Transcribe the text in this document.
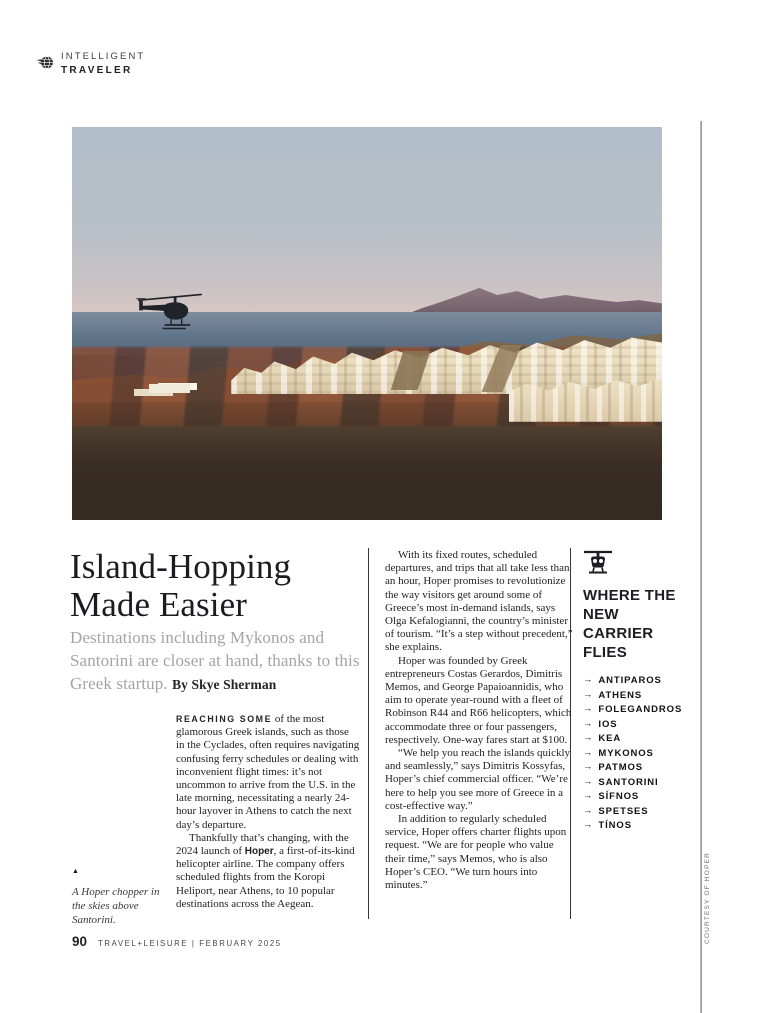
INTELLIGENT
TRAVELER
Island-Hopping
Made Easier

Destinations including Mykonos and Santorini are closer at hand, thanks to this Greek startup. By Skye Sherman

REACHING SOME of the most glamorous Greek islands, such as those in the Cyclades, often requires navigating confusing ferry schedules or dealing with inconvenient flight times: it’s not uncommon to arrive from the U.S. in the late morning, necessitating a nearly 24-hour layover in Athens to catch the next day’s departure.

Thankfully that’s changing, with the 2024 launch of Hoper, a first-of-its-kind helicopter airline. The company offers scheduled flights from the Koropi Heliport, near Athens, to 10 popular destinations across the Aegean.

With its fixed routes, scheduled departures, and trips that all take less than an hour, Hoper promises to revolutionize the way visitors get around some of Greece’s most in-demand islands, says Olga Kefalogianni, the country’s minister of tourism. “It’s a step without precedent,” she explains.

Hoper was founded by Greek entrepreneurs Costas Gerardos, Dimitris Memos, and George Papaioannidis, who aim to operate year-round with a fleet of Robinson R44 and R66 helicopters, which accommodate three or four passengers, respectively. One-way fares start at $100.

“We help you reach the islands quickly and seamlessly,” says Dimitris Kossyfas, Hoper’s chief commercial officer. “We’re here to help you see more of Greece in a cost-effective way.”

In addition to regularly scheduled service, Hoper offers charter flights upon request. “We are for people who value their time,” says Memos, who is also Hoper’s CEO. “We turn hours into minutes.”

▲
A Hoper chopper in the skies above Santorini.
WHERE THE NEW CARRIER FLIES
→ ANTIPAROS
→ ATHENS
→ FOLEGANDROS
→ IOS
→ KEA
→ MYKONOS
→ PATMOS
→ SANTORINI
→ SÍFNOS
→ SPETSES
→ TÍNOS
90 TRAVEL+LEISURE | FEBRUARY 2025	COURTESY OF HOPER
